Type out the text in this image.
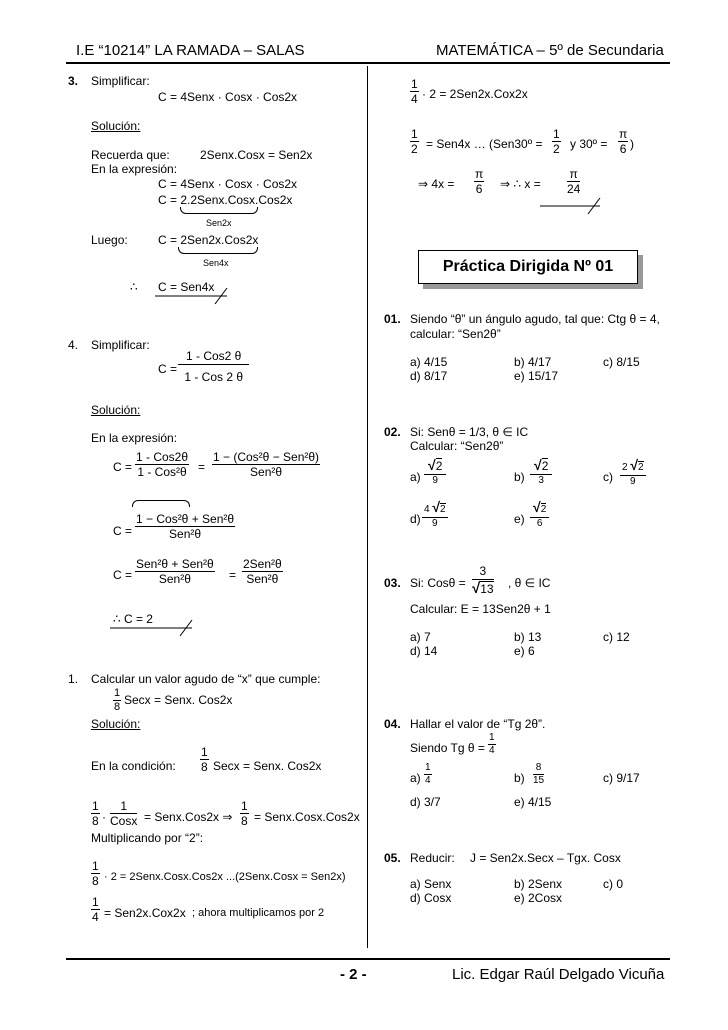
I.E “10214” LA RAMADA – SALAS	MATEMÁTICA – 5º de Secundaria
3. Simplificar:
C = 4Senx · Cosx · Cos2x
Solución:
Recuerda que:	2Senx.Cosx = Sen2x
En la expresión:
C = 4Senx · Cosx · Cos2x
C = 2.2Senx.Cosx.Cos2x
Sen2x
Luego:	C = 2Sen2x.Cos2x
Sen4x
∴ C = Sen4x
4. Simplificar:
C =
1 - Cos2 θ
1 - Cos 2 θ
Solución:
En la expresión:
C =
1 - Cos2θ
1 - Cos²θ =
1 − (Cos²θ − Sen²θ)
Sen²θ
C =
1 − Cos²θ + Sen²θ
Sen²θ
C =
Sen²θ + Sen²θ
Sen²θ	=
2Sen²θ
Sen²θ
∴ C = 2
1. Calcular un valor agudo de “x” que cumple:
$\frac{1}{8}$ Secx = Senx. Cos2x
Solución:
En la condición: $\frac{1}{8}$ Secx = Senx. Cos2x
$\frac{1}{8}$ ·
1
Cosx = Senx.Cos2x ⇒ $\frac{1}{8}$ = Senx.Cosx.Cos2x
Multiplicando por “2”:
$\frac{1}{8} \cdot 2$ = 2Senx.Cosx.Cos2x ...(2Senx.Cosx = Sen2x)
$\frac{1}{4} = Sen2x.Cox2x$ ; ahora multiplicamos por 2
$\frac{1}{4} \cdot 2 = 2Sen2x.Cox2x$
$\frac{1}{2} = Sen4x$ … (Sen30º = $\frac{1}{2}$ y 30º = $\frac{\pi}{6}$ )
⇒ $4x = \frac{\pi}{6}$ ⇒ ∴ $x = \frac{\pi}{24}$
Práctica Dirigida Nº 01
01. Siendo “θ” un ángulo agudo, tal que: Ctg θ = 4,
calcular: “Sen2θ”
a) 4/15	b) 4/17	c) 8/15
d) 8/17	e) 15/17
02. Si: Senθ = 1/3, θ ∈ IC
Calcular: “Sen2θ”
a)
√2
9	b)
√2
3	$c) \frac{2 √2}{9}$
$d) \frac{4 √2}{9}$	$e) \frac{√2}{6}$
03. Si: $Cos\theta = \frac{3}{√13}$ , θ ∈ IC
Calcular: E = 13Sen2θ + 1
a) 7	b) 13	c) 12
d) 14	e) 6
04. Hallar el valor de “Tg 2θ”.
Siendo Tg $\theta = \frac{1}{4}$
$a) \frac{1}{4}$	$b) \frac{8}{15}$	c) 9/17
d) 3/7	e) 4/15
05. Reducir: J = Sen2x.Secx – Tgx. Cosx
a) Senx	b) 2Senx	c) 0
d) Cosx	e) 2Cosx
- 2 -	Lic. Edgar Raúl Delgado Vicuña
